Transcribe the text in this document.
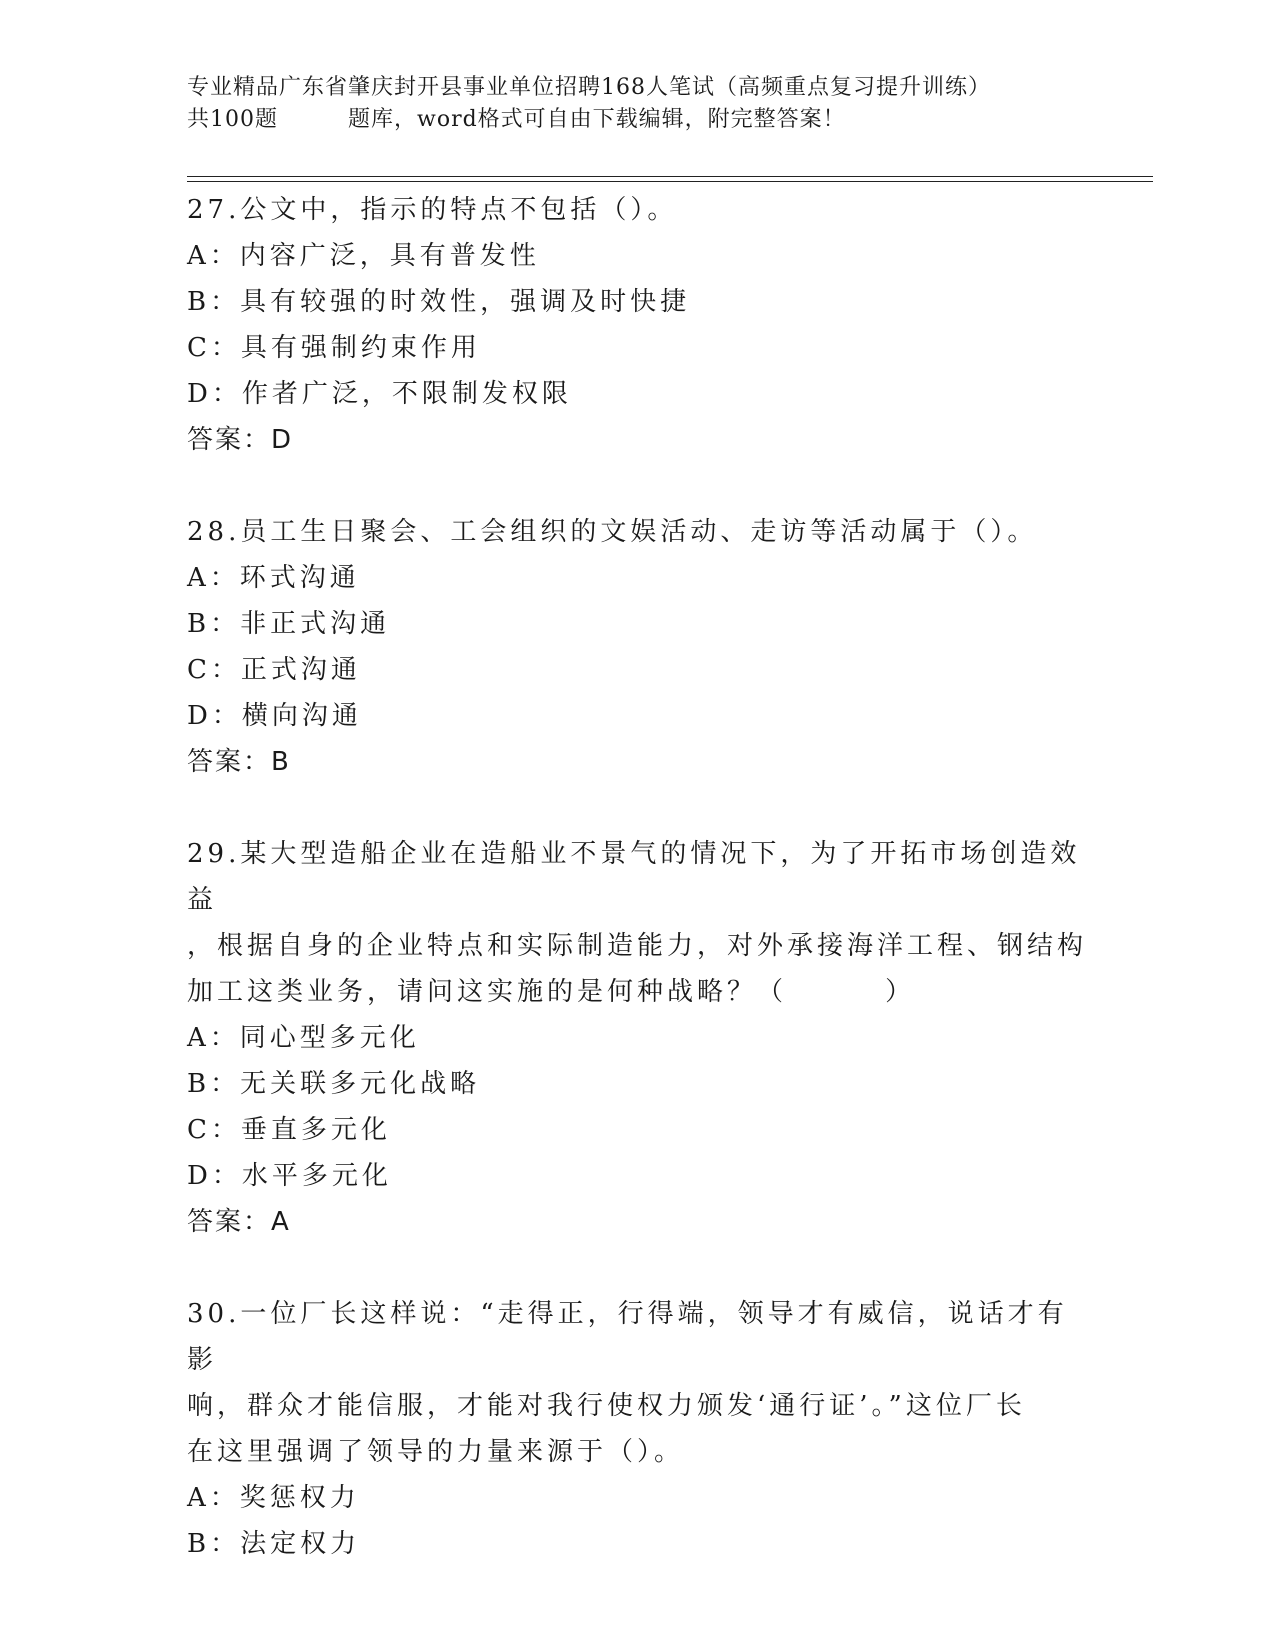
专业精品广东省肇庆封开县事业单位招聘168人笔试（高频重点复习提升训练）
共100题	题库，word格式可自由下载编辑，附完整答案！
27.公文中，指示的特点不包括（）。
A：内容广泛，具有普发性
B：具有较强的时效性，强调及时快捷
C：具有强制约束作用
D：作者广泛，不限制发权限
答案：D
28.员工生日聚会、工会组织的文娱活动、走访等活动属于（）。
A：环式沟通
B：非正式沟通
C：正式沟通
D：横向沟通
答案：B
29.某大型造船企业在造船业不景气的情况下，为了开拓市场创造效益
，根据自身的企业特点和实际制造能力，对外承接海洋工程、钢结构
加工这类业务，请问这实施的是何种战略？（        ）
A：同心型多元化
B：无关联多元化战略
C：垂直多元化
D：水平多元化
答案：A
30.一位厂长这样说：“走得正，行得端，领导才有威信，说话才有影
响，群众才能信服，才能对我行使权力颁发‘通行证’。”这位厂长
在这里强调了领导的力量来源于（）。
A：奖惩权力
B：法定权力
